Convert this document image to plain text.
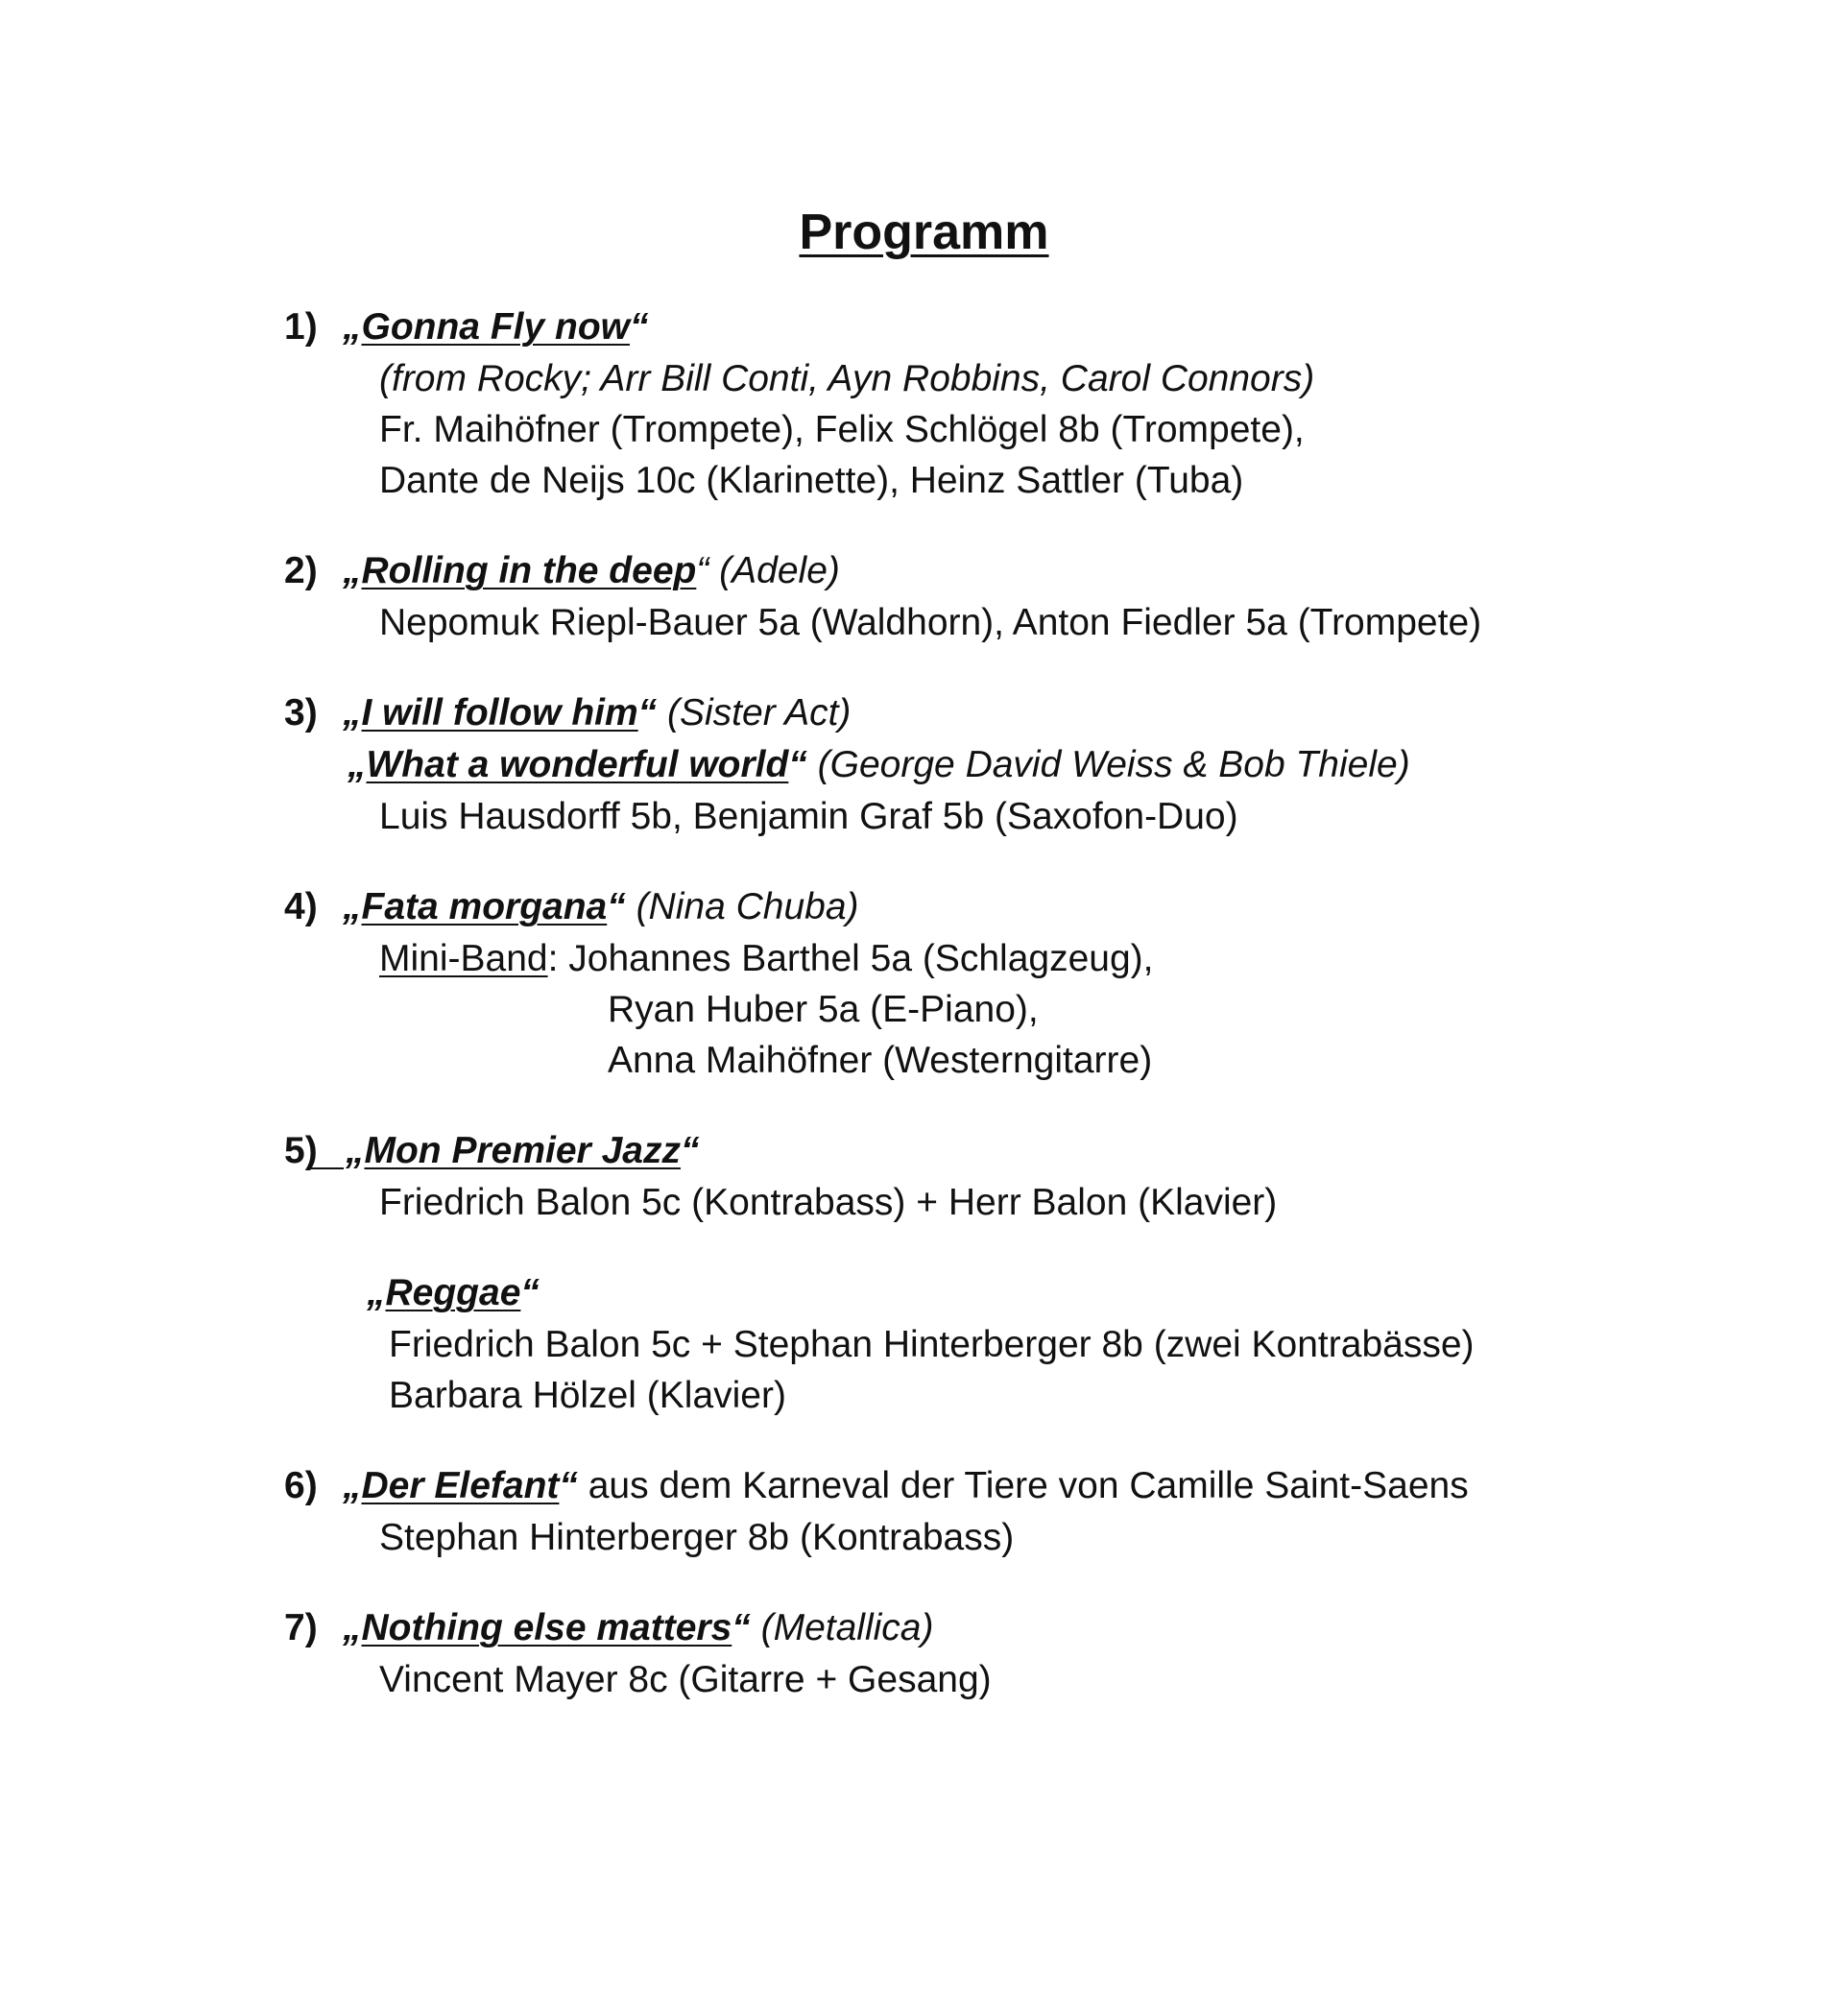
Programm
1) „Gonna Fly now“
(from Rocky; Arr Bill Conti, Ayn Robbins, Carol Connors)
Fr. Maihöfner (Trompete), Felix Schlögel 8b (Trompete),
Dante de Neijs 10c (Klarinette), Heinz Sattler (Tuba)
2) „Rolling in the deep“ (Adele)
Nepomuk Riepl-Bauer 5a (Waldhorn), Anton Fiedler 5a (Trompete)
3) „I will follow him“ (Sister Act)
„What a wonderful world“ (George David Weiss & Bob Thiele)
Luis Hausdorff 5b, Benjamin Graf 5b (Saxofon-Duo)
4) „Fata morgana“ (Nina Chuba)
Mini-Band: Johannes Barthel 5a (Schlagzeug),
Ryan Huber 5a (E-Piano),
Anna Maihöfner (Westerngitarre)
5) „Mon Premier Jazz“
Friedrich Balon 5c (Kontrabass) + Herr Balon (Klavier)
„Reggae“
Friedrich Balon 5c + Stephan Hinterberger 8b (zwei Kontrabässe)
Barbara Hölzel (Klavier)
6) „Der Elefant“ aus dem Karneval der Tiere von Camille Saint-Saens
Stephan Hinterberger 8b (Kontrabass)
7) „Nothing else matters“ (Metallica)
Vincent Mayer 8c (Gitarre + Gesang)
